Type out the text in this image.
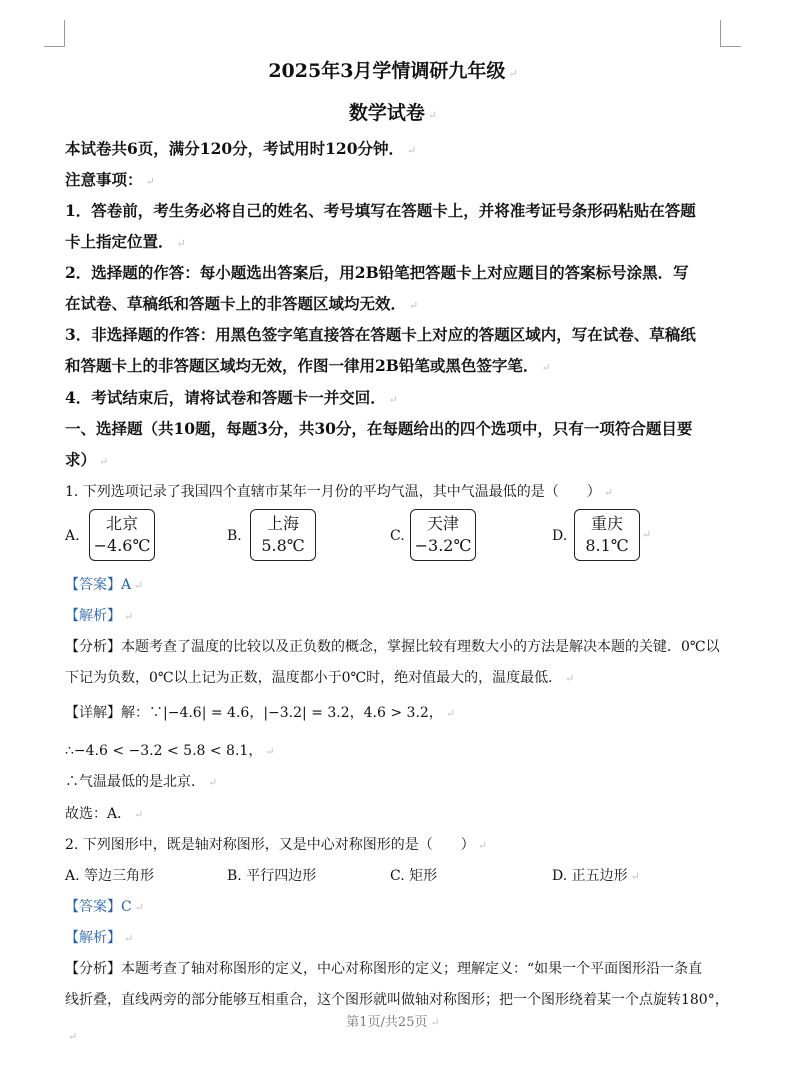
2025年3月学情调研九年级 ↵
数学试卷 ↵
本试卷共6页，满分120分，考试用时120分钟． ↵
注意事项： ↵
1．答卷前，考生务必将自己的姓名、考号填写在答题卡上，并将准考证号条形码粘贴在答题
卡上指定位置． ↵
2．选择题的作答：每小题选出答案后，用2B铅笔把答题卡上对应题目的答案标号涂黑．写
在试卷、草稿纸和答题卡上的非答题区域均无效． ↵
3．非选择题的作答：用黑色签字笔直接答在答题卡上对应的答题区域内，写在试卷、草稿纸
和答题卡上的非答题区域均无效，作图一律用2B铅笔或黑色签字笔． ↵
4．考试结束后，请将试卷和答题卡一并交回． ↵
一、选择题（共10题，每题3分，共30分，在每题给出的四个选项中，只有一项符合题目要
求） ↵
1. 下列选项记录了我国四个直辖市某年一月份的平均气温，其中气温最低的是（　　） ↵
A.
北京
−4.6℃	B.
上海
5.8℃	C.
天津
−3.2℃	D.
重庆
8.1℃
↵
【答案】A ↵
【解析】 ↵
【分析】本题考查了温度的比较以及正负数的概念，掌握比较有理数大小的方法是解决本题的关键．0℃以
下记为负数，0℃以上记为正数，温度都小于0℃时，绝对值最大的，温度最低． ↵
【详解】解：∵|−4.6| = 4.6，|−3.2| = 3.2，4.6 > 3.2， ↵
∴−4.6 < −3.2 < 5.8 < 8.1， ↵
∴气温最低的是北京． ↵
故选：A． ↵
2. 下列图形中，既是轴对称图形，又是中心对称图形的是（　　） ↵
A. 等边三角形	B. 平行四边形	C. 矩形	D. 正五边形 ↵
【答案】C ↵
【解析】 ↵
【分析】本题考查了轴对称图形的定义，中心对称图形的定义；理解定义：“如果一个平面图形沿一条直
线折叠，直线两旁的部分能够互相重合，这个图形就叫做轴对称图形；把一个图形绕着某一个点旋转180°，
第1页/共25页 ↵
↵
